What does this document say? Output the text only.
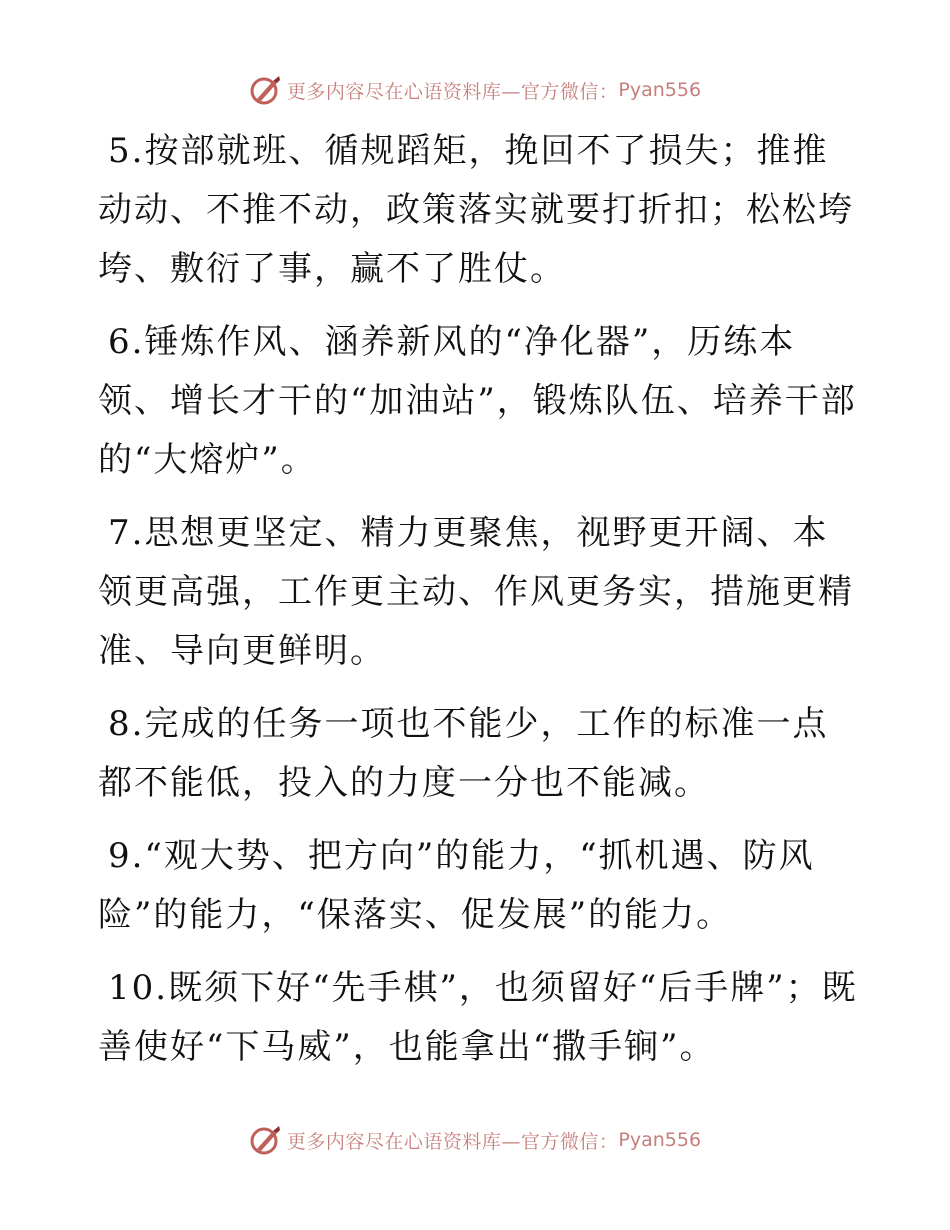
更多内容尽在心语资料库—官方微信： Pyan556

5.按部就班、循规蹈矩，挽回不了损失；推推动动、不推不动，政策落实就要打折扣；松松垮垮、敷衍了事，赢不了胜仗。

6.锤炼作风、涵养新风的“净化器”，历练本领、增长才干的“加油站”，锻炼队伍、培养干部的“大熔炉”。

7.思想更坚定、精力更聚焦，视野更开阔、本领更高强，工作更主动、作风更务实，措施更精准、导向更鲜明。

8.完成的任务一项也不能少，工作的标准一点都不能低，投入的力度一分也不能减。

9.“观大势、把方向”的能力，“抓机遇、防风险”的能力，“保落实、促发展”的能力。

10.既须下好“先手棋”，也须留好“后手牌”；既善使好“下马威”，也能拿出“撒手锏”。

更多内容尽在心语资料库—官方微信： Pyan556
